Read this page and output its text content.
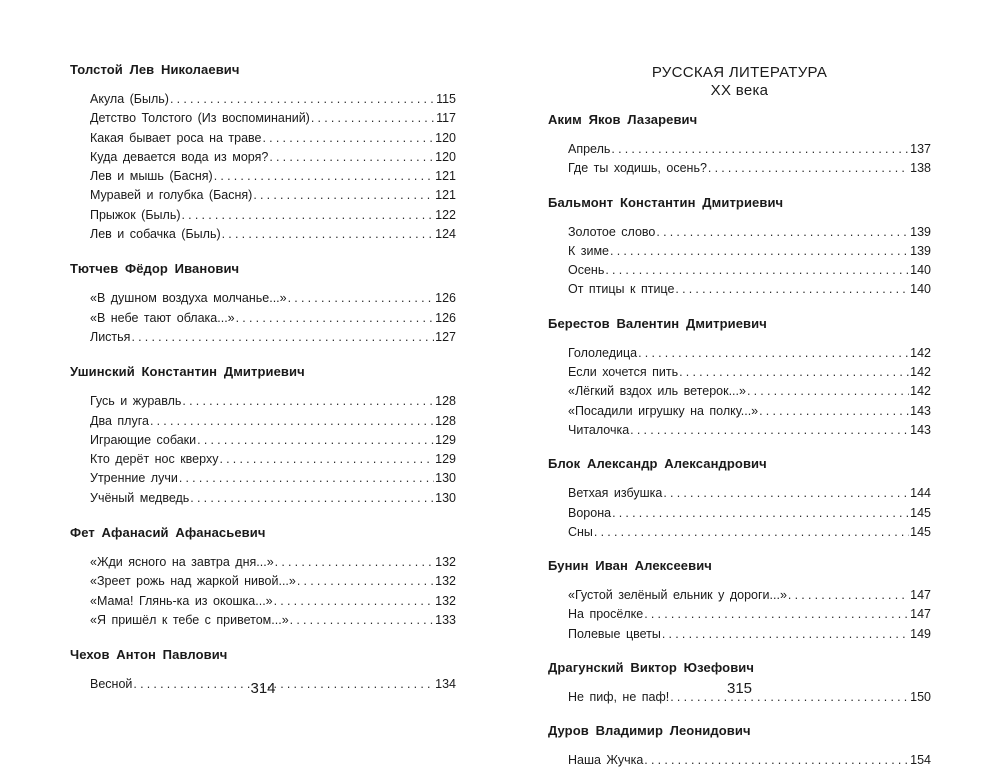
Толстой Лев Николаевич
Акула (Быль) .....	115
Детство Толстого (Из воспоминаний) .....	117
Какая бывает роса на траве .....	120
Куда девается вода из моря? .....	120
Лев и мышь (Басня) .....	121
Муравей и голубка (Басня) .....	121
Прыжок (Быль) .....	122
Лев и собачка (Быль) .....	124
Тютчев Фёдор Иванович
«В душном воздуха молчанье...» .....	126
«В небе тают облака...» .....	126
Листья .....	127
Ушинский Константин Дмитриевич
Гусь и журавль .....	128
Два плуга .....	128
Играющие собаки .....	129
Кто дерёт нос кверху .....	129
Утренние лучи .....	130
Учёный медведь .....	130
Фет Афанасий Афанасьевич
«Жди ясного на завтра дня...» .....	132
«Зреет рожь над жаркой нивой...» .....	132
«Мама! Глянь-ка из окошка...» .....	132
«Я пришёл к тебе с приветом...» .....	133
Чехов Антон Павлович
Весной .....	134
314
РУССКАЯ ЛИТЕРАТУРА
XX века
Аким Яков Лазаревич
Апрель .....	137
Где ты ходишь, осень? .....	138
Бальмонт Константин Дмитриевич
Золотое слово .....	139
К зиме .....	139
Осень .....	140
От птицы к птице .....	140
Берестов Валентин Дмитриевич
Гололедица .....	142
Если хочется пить .....	142
«Лёгкий вздох иль ветерок...» .....	142
«Посадили игрушку на полку...» .....	143
Читалочка .....	143
Блок Александр Александрович
Ветхая избушка .....	144
Ворона .....	145
Сны .....	145
Бунин Иван Алексеевич
«Густой зелёный ельник у дороги...» .....	147
На просёлке .....	147
Полевые цветы .....	149
Драгунский Виктор Юзефович
Не пиф, не паф! .....	150
Дуров Владимир Леонидович
Наша Жучка .....	154
315
